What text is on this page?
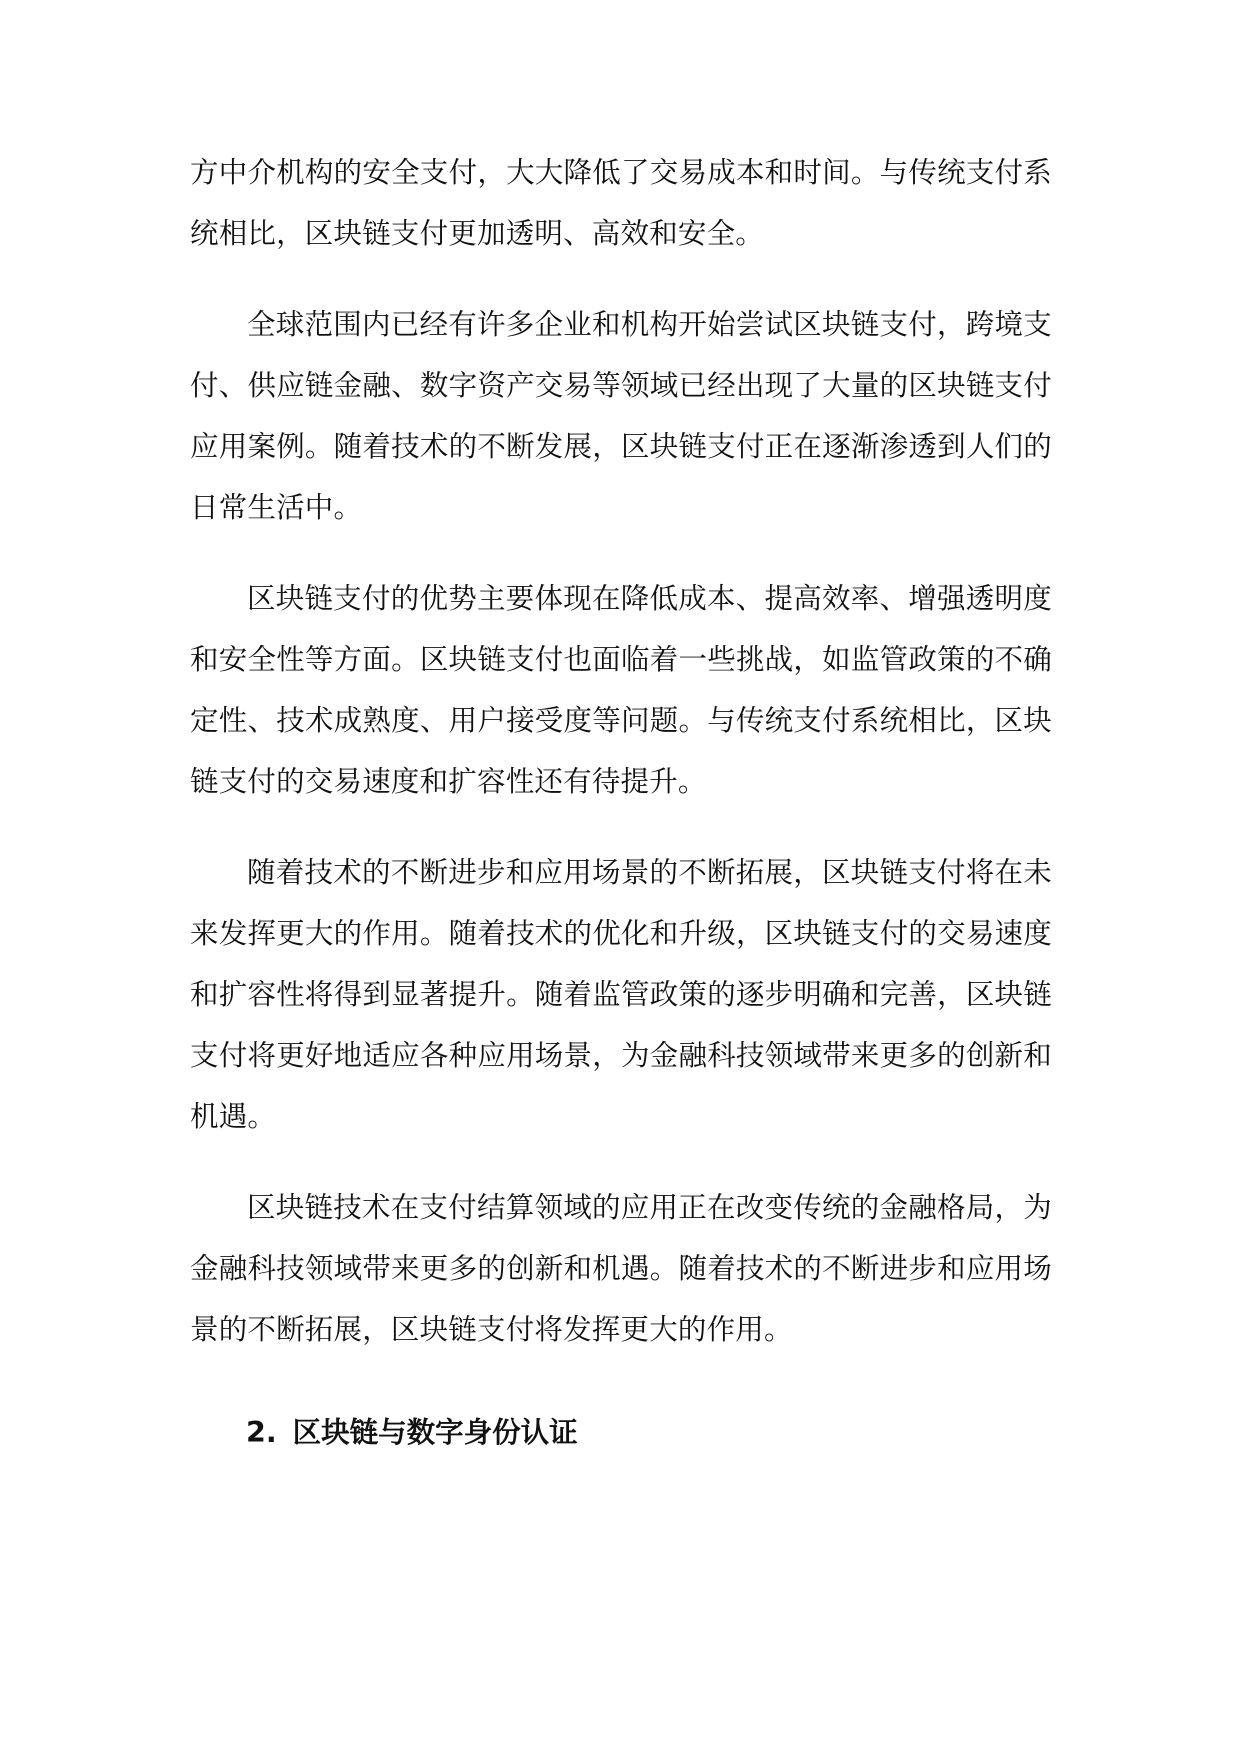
方中介机构的安全支付，大大降低了交易成本和时间。与传统支付系统相比，区块链支付更加透明、高效和安全。

全球范围内已经有许多企业和机构开始尝试区块链支付，跨境支付、供应链金融、数字资产交易等领域已经出现了大量的区块链支付应用案例。随着技术的不断发展，区块链支付正在逐渐渗透到人们的日常生活中。

区块链支付的优势主要体现在降低成本、提高效率、增强透明度和安全性等方面。区块链支付也面临着一些挑战，如监管政策的不确定性、技术成熟度、用户接受度等问题。与传统支付系统相比，区块链支付的交易速度和扩容性还有待提升。

随着技术的不断进步和应用场景的不断拓展，区块链支付将在未来发挥更大的作用。随着技术的优化和升级，区块链支付的交易速度和扩容性将得到显著提升。随着监管政策的逐步明确和完善，区块链支付将更好地适应各种应用场景，为金融科技领域带来更多的创新和机遇。

区块链技术在支付结算领域的应用正在改变传统的金融格局，为金融科技领域带来更多的创新和机遇。随着技术的不断进步和应用场景的不断拓展，区块链支付将发挥更大的作用。

2. 区块链与数字身份认证
